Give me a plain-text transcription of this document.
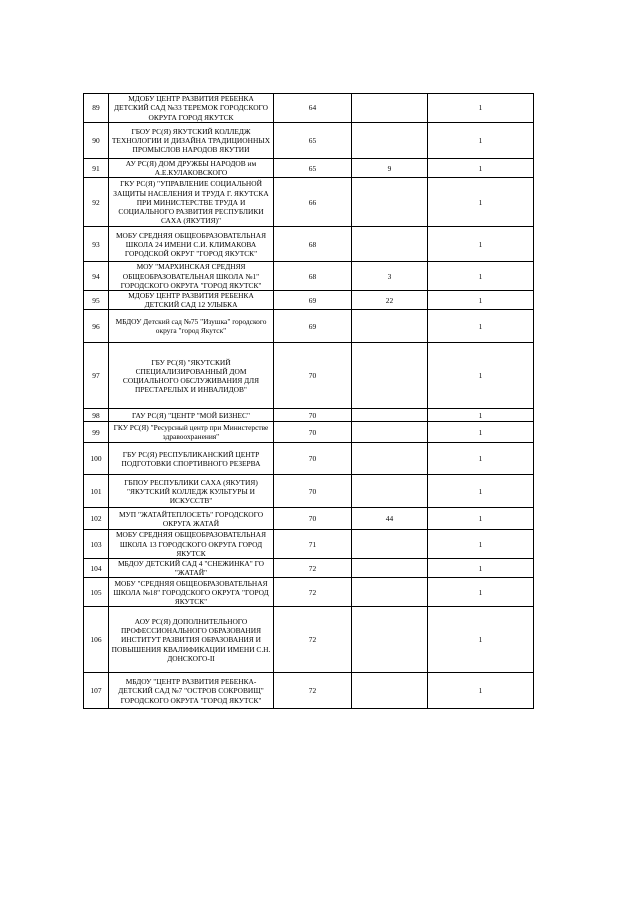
89	МДОБУ ЦЕНТР РАЗВИТИЯ РЕБЕНКА ДЕТСКИЙ САД №33 ТЕРЕМОК ГОРОДСКОГО ОКРУГА ГОРОД ЯКУТСК	64		1
90	ГБОУ РС(Я) ЯКУТСКИЙ КОЛЛЕДЖ ТЕХНОЛОГИИ И ДИЗАЙНА ТРАДИЦИОННЫХ ПРОМЫСЛОВ НАРОДОВ ЯКУТИИ	65		1
91	АУ РС(Я) ДОМ ДРУЖБЫ НАРОДОВ им А.Е.КУЛАКОВСКОГО	65	9	1
92	ГКУ РС(Я) "УПРАВЛЕНИЕ СОЦИАЛЬНОЙ ЗАЩИТЫ НАСЕЛЕНИЯ И ТРУДА Г. ЯКУТСКА ПРИ МИНИСТЕРСТВЕ ТРУДА И СОЦИАЛЬНОГО РАЗВИТИЯ РЕСПУБЛИКИ САХА (ЯКУТИЯ)"	66		1
93	МОБУ СРЕДНЯЯ ОБЩЕОБРАЗОВАТЕЛЬНАЯ ШКОЛА 24 ИМЕНИ С.И. КЛИМАКОВА ГОРОДСКОЙ ОКРУГ "ГОРОД ЯКУТСК"	68		1
94	МОУ "МАРХИНСКАЯ СРЕДНЯЯ ОБЩЕОБРАЗОВАТЕЛЬНАЯ ШКОЛА №1" ГОРОДСКОГО ОКРУГА "ГОРОД ЯКУТСК"	68	3	1
95	МДОБУ ЦЕНТР РАЗВИТИЯ РЕБЕНКА ДЕТСКИЙ САД 12 УЛЫБКА	69	22	1
96	МБДОУ Детский сад №75 "Изушка" городского округа "город Якутск"	69		1
97	ГБУ РС(Я) "ЯКУТСКИЙ СПЕЦИАЛИЗИРОВАННЫЙ ДОМ СОЦИАЛЬНОГО ОБСЛУЖИВАНИЯ ДЛЯ ПРЕСТАРЕЛЫХ И ИНВАЛИДОВ"	70		1
98	ГАУ РС(Я) "ЦЕНТР "МОЙ БИЗНЕС"	70		1
99	ГКУ РС(Я) "Ресурсный центр при Министерстве здравоохранения"	70		1
100	ГБУ РС(Я) РЕСПУБЛИКАНСКИЙ ЦЕНТР ПОДГОТОВКИ СПОРТИВНОГО РЕЗЕРВА	70		1
101	ГБПОУ РЕСПУБЛИКИ САХА (ЯКУТИЯ) "ЯКУТСКИЙ КОЛЛЕДЖ КУЛЬТУРЫ И ИСКУССТВ"	70		1
102	МУП "ЖАТАЙТЕПЛОСЕТЬ" ГОРОДСКОГО ОКРУГА ЖАТАЙ	70	44	1
103	МОБУ СРЕДНЯЯ ОБЩЕОБРАЗОВАТЕЛЬНАЯ ШКОЛА 13 ГОРОДСКОГО ОКРУГА ГОРОД ЯКУТСК	71		1
104	МБДОУ ДЕТСКИЙ САД 4 "СНЕЖИНКА" ГО "ЖАТАЙ"	72		1
105	МОБУ "СРЕДНЯЯ ОБЩЕОБРАЗОВАТЕЛЬНАЯ ШКОЛА №18" ГОРОДСКОГО ОКРУГА "ГОРОД ЯКУТСК"	72		1
106	АОУ РС(Я) ДОПОЛНИТЕЛЬНОГО ПРОФЕССИОНАЛЬНОГО ОБРАЗОВАНИЯ ИНСТИТУТ РАЗВИТИЯ ОБРАЗОВАНИЯ И ПОВЫШЕНИЯ КВАЛИФИКАЦИИ ИМЕНИ С.Н. ДОНСКОГО-II	72		1
107	МБДОУ "ЦЕНТР РАЗВИТИЯ РЕБЕНКА-ДЕТСКИЙ САД №7 "ОСТРОВ СОКРОВИЩ" ГОРОДСКОГО ОКРУГА "ГОРОД ЯКУТСК"	72		1
